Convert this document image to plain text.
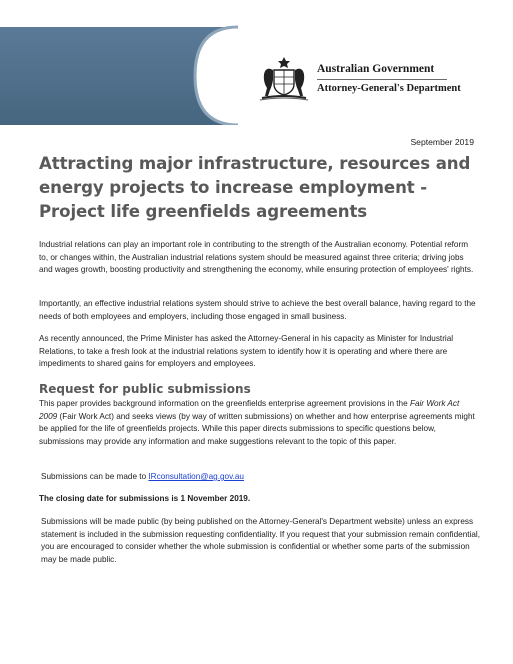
Australian Government
Attorney-General's Department
September 2019
Attracting major infrastructure, resources and energy projects to increase employment - Project life greenfields agreements

Industrial relations can play an important role in contributing to the strength of the Australian economy. Potential reform to, or changes within, the Australian industrial relations system should be measured against three criteria; driving jobs and wages growth, boosting productivity and strengthening the economy, while ensuring protection of employees' rights.

Importantly, an effective industrial relations system should strive to achieve the best overall balance, having regard to the needs of both employees and employers, including those engaged in small business.

As recently announced, the Prime Minister has asked the Attorney-General in his capacity as Minister for Industrial Relations, to take a fresh look at the industrial relations system to identify how it is operating and where there are impediments to shared gains for employers and employees.

Request for public submissions

This paper provides background information on the greenfields enterprise agreement provisions in the Fair Work Act 2009 (Fair Work Act) and seeks views (by way of written submissions) on whether and how enterprise agreements might be applied for the life of greenfields projects. While this paper directs submissions to specific questions below, submissions may provide any information and make suggestions relevant to the topic of this paper.

Submissions can be made to IRconsultation@ag.gov.au

The closing date for submissions is 1 November 2019.

Submissions will be made public (by being published on the Attorney-General's Department website) unless an express statement is included in the submission requesting confidentiality. If you request that your submission remain confidential, you are encouraged to consider whether the whole submission is confidential or whether some parts of the submission may be made public.
